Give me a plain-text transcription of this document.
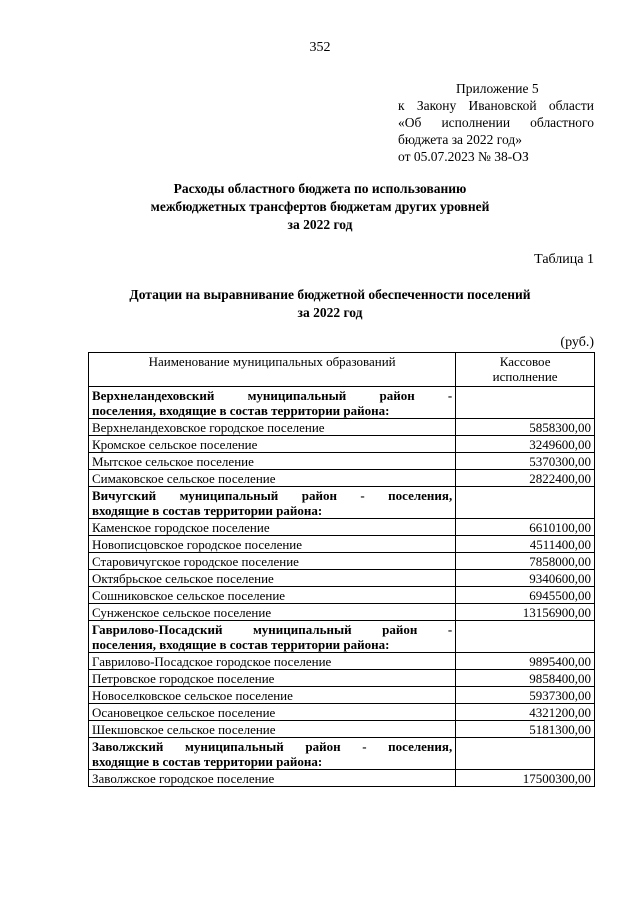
352
Приложение 5
к Закону Ивановской области
«Об исполнении областного
бюджета за 2022 год»
от 05.07.2023 № 38-ОЗ
Расходы областного бюджета по использованию
межбюджетных трансфертов бюджетам других уровней
за 2022 год
Таблица 1
Дотации на выравнивание бюджетной обеспеченности поселений
за 2022 год
(руб.)
Наименование муниципальных образований	Кассовое
исполнение

Верхнеландеховский муниципальный район -
поселения, входящие в состав территории района:	

Верхнеландеховское городское поселение	5858300,00
Кромское сельское поселение	3249600,00
Мытское сельское поселение	5370300,00
Симаковское сельское поселение	2822400,00

Вичугский муниципальный район - поселения,
входящие в состав территории района:	

Каменское городское поселение	6610100,00
Новописцовское городское поселение	4511400,00
Старовичугское городское поселение	7858000,00
Октябрьское сельское поселение	9340600,00
Сошниковское сельское поселение	6945500,00
Сунженское сельское поселение	13156900,00

Гаврилово-Посадский муниципальный район -
поселения, входящие в состав территории района:	

Гаврилово-Посадское городское поселение	9895400,00
Петровское городское поселение	9858400,00
Новоселковское сельское поселение	5937300,00
Осановецкое сельское поселение	4321200,00
Шекшовское сельское поселение	5181300,00

Заволжский муниципальный район - поселения,
входящие в состав территории района:	

Заволжское городское поселение	17500300,00
